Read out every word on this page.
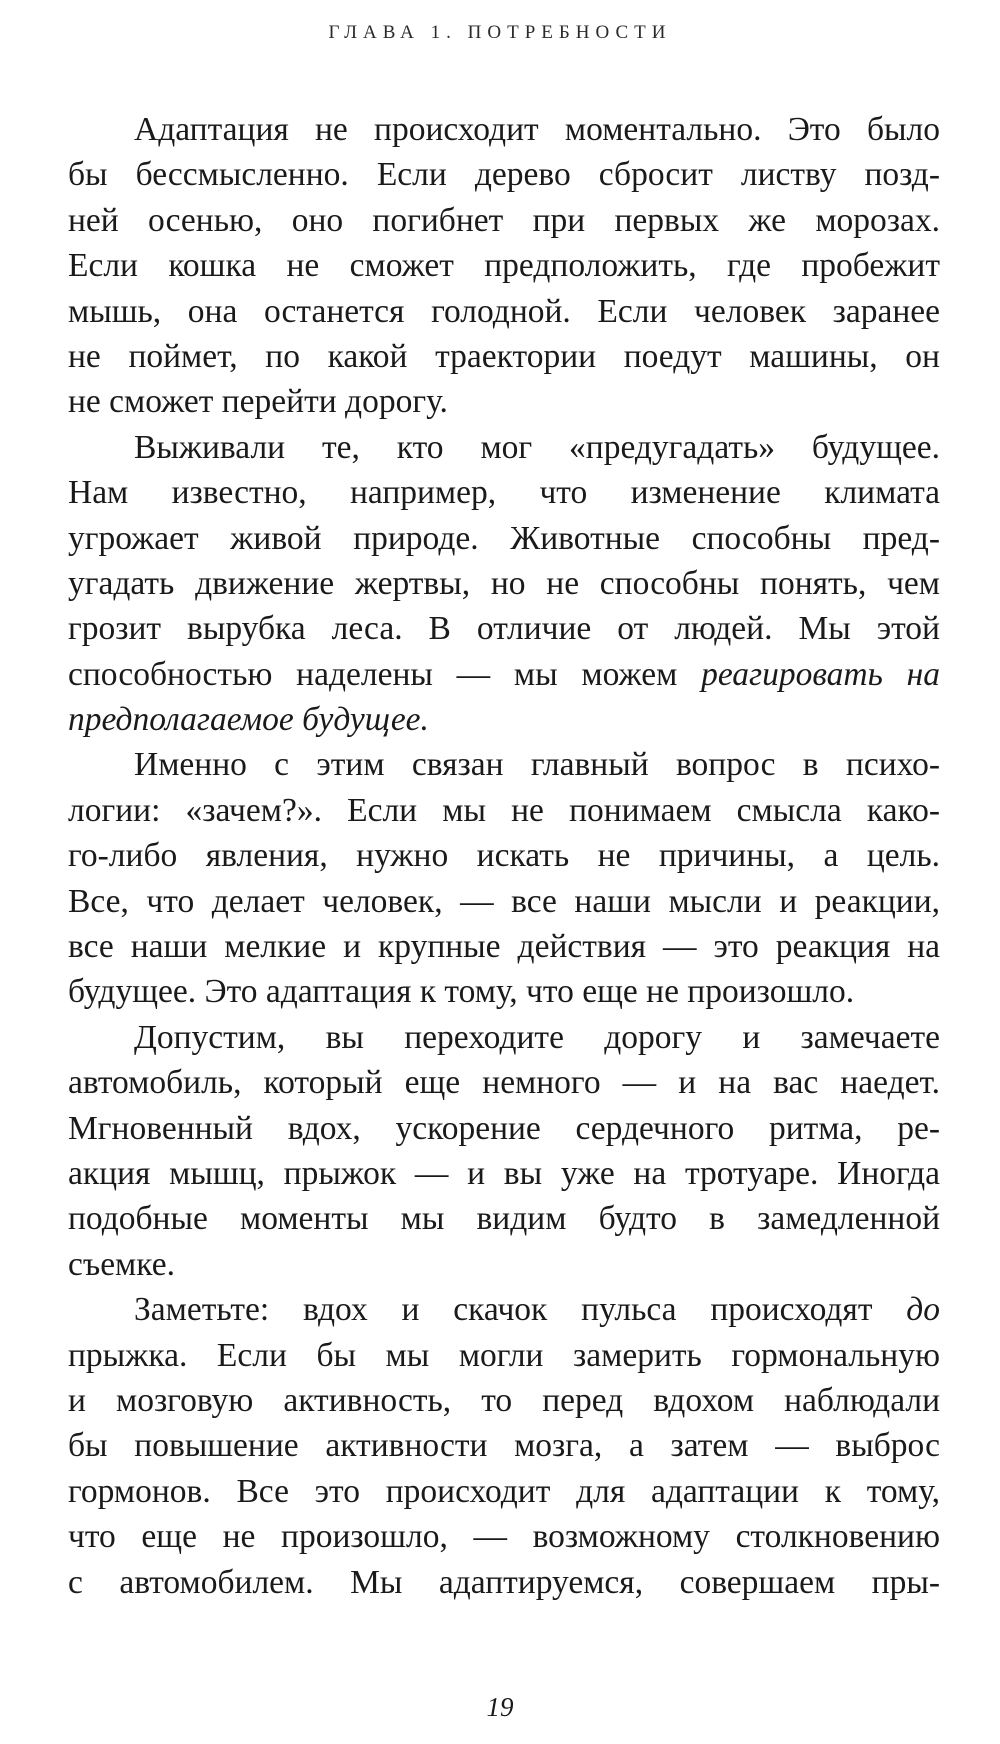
ГЛАВА 1. ПОТРЕБНОСТИ
Адаптация не происходит моментально. Это было
бы бессмысленно. Если дерево сбросит листву позд-
ней осенью, оно погибнет при первых же морозах.
Если кошка не сможет предположить, где пробежит
мышь, она останется голодной. Если человек заранее
не поймет, по какой траектории поедут машины, он
не сможет перейти дорогу.
Выживали те, кто мог «предугадать» будущее.
Нам известно, например, что изменение климата
угрожает живой природе. Животные способны пред-
угадать движение жертвы, но не способны понять, чем
грозит вырубка леса. В отличие от людей. Мы этой
способностью наделены — мы можем реагировать на
предполагаемое будущее.
Именно с этим связан главный вопрос в психо-
логии: «зачем?». Если мы не понимаем смысла како-
го-либо явления, нужно искать не причины, а цель.
Все, что делает человек, — все наши мысли и реакции,
все наши мелкие и крупные действия — это реакция на
будущее. Это адаптация к тому, что еще не произошло.
Допустим, вы переходите дорогу и замечаете
автомобиль, который еще немного — и на вас наедет.
Мгновенный вдох, ускорение сердечного ритма, ре-
акция мышц, прыжок — и вы уже на тротуаре. Иногда
подобные моменты мы видим будто в замедленной
съемке.
Заметьте: вдох и скачок пульса происходят до
прыжка. Если бы мы могли замерить гормональную
и мозговую активность, то перед вдохом наблюдали
бы повышение активности мозга, а затем — выброс
гормонов. Все это происходит для адаптации к тому,
что еще не произошло, — возможному столкновению
с автомобилем. Мы адаптируемся, совершаем пры-
19
